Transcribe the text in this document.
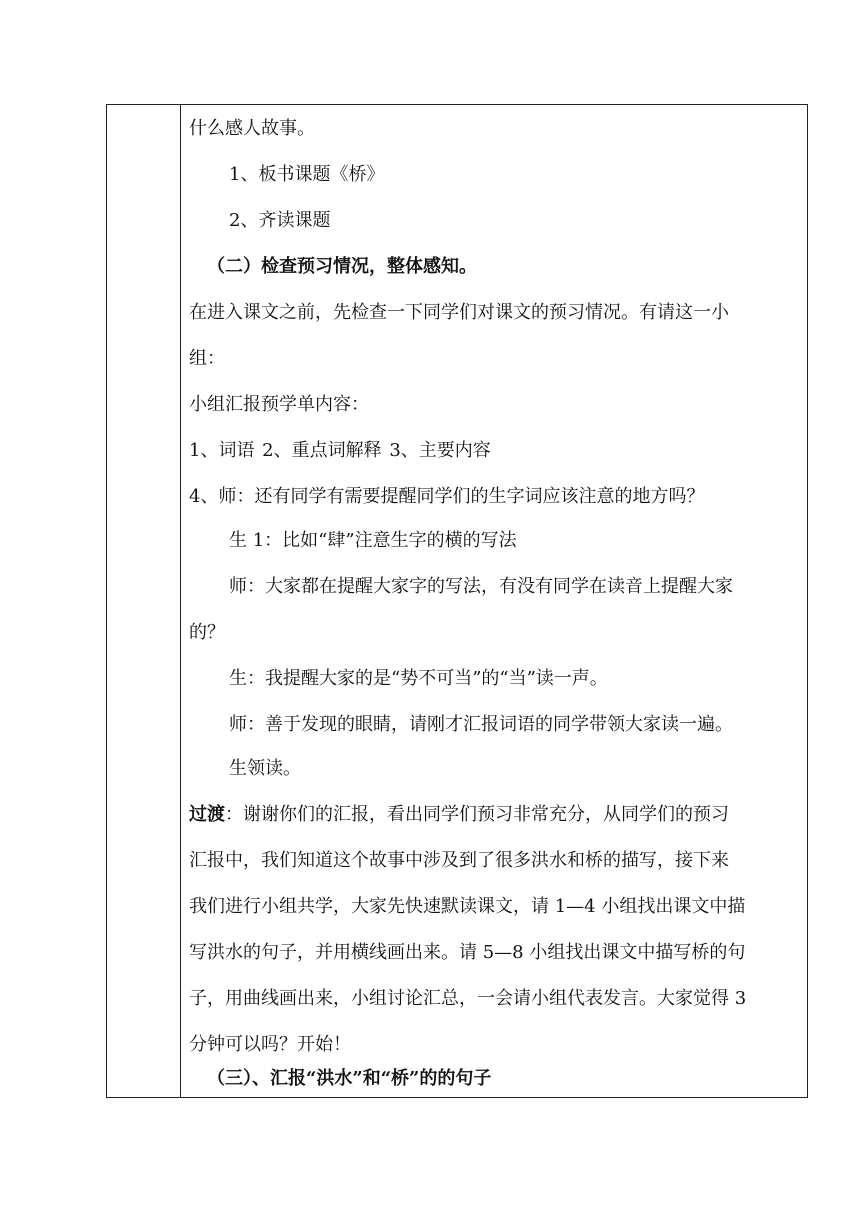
什么感人故事。
1、板书课题《桥》
2、齐读课题
（二）检查预习情况，整体感知。
在进入课文之前，先检查一下同学们对课文的预习情况。有请这一小
组：
小组汇报预学单内容：
1、词语 2、重点词解释 3、主要内容
4、师：还有同学有需要提醒同学们的生字词应该注意的地方吗？
生 1：比如“肆”注意生字的横的写法
师：大家都在提醒大家字的写法，有没有同学在读音上提醒大家
的？
生：我提醒大家的是“势不可当”的“当”读一声。
师：善于发现的眼睛，请刚才汇报词语的同学带领大家读一遍。
生领读。
过渡：谢谢你们的汇报，看出同学们预习非常充分，从同学们的预习
汇报中，我们知道这个故事中涉及到了很多洪水和桥的描写，接下来
我们进行小组共学，大家先快速默读课文，请 1—4 小组找出课文中描
写洪水的句子，并用横线画出来。请 5—8 小组找出课文中描写桥的句
子，用曲线画出来，小组讨论汇总，一会请小组代表发言。大家觉得 3
分钟可以吗？开始！
（三）、汇报“洪水”和“桥”的的句子
